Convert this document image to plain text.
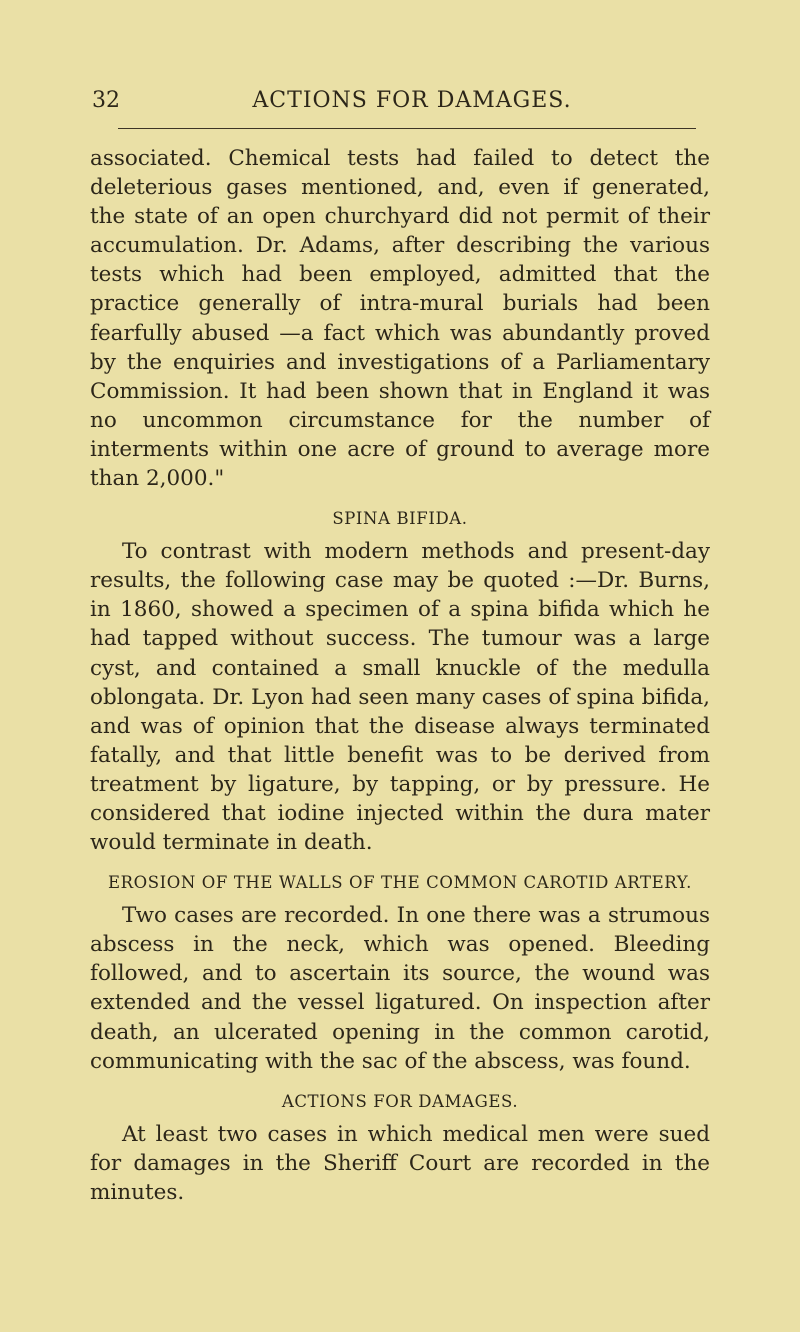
32	ACTIONS FOR DAMAGES.

associated. Chemical tests had failed to detect the deleterious gases mentioned, and, even if generated, the state of an open churchyard did not permit of their accumulation. Dr. Adams, after describing the various tests which had been employed, admitted that the practice generally of intra-mural burials had been fearfully abused —a fact which was abundantly proved by the enquiries and investigations of a Parliamentary Commission. It had been shown that in England it was no uncommon circumstance for the number of interments within one acre of ground to average more than 2,000."

SPINA BIFIDA.

To contrast with modern methods and present-day results, the following case may be quoted :—Dr. Burns, in 1860, showed a specimen of a spina bifida which he had tapped without success. The tumour was a large cyst, and contained a small knuckle of the medulla oblongata. Dr. Lyon had seen many cases of spina bifida, and was of opinion that the disease always terminated fatally, and that little benefit was to be derived from treatment by ligature, by tapping, or by pressure. He considered that iodine injected within the dura mater would terminate in death.

EROSION OF THE WALLS OF THE COMMON CAROTID ARTERY.

Two cases are recorded. In one there was a strumous abscess in the neck, which was opened. Bleeding followed, and to ascertain its source, the wound was extended and the vessel ligatured. On inspection after death, an ulcerated opening in the common carotid, communicating with the sac of the abscess, was found.

ACTIONS FOR DAMAGES.

At least two cases in which medical men were sued for damages in the Sheriff Court are recorded in the minutes.
